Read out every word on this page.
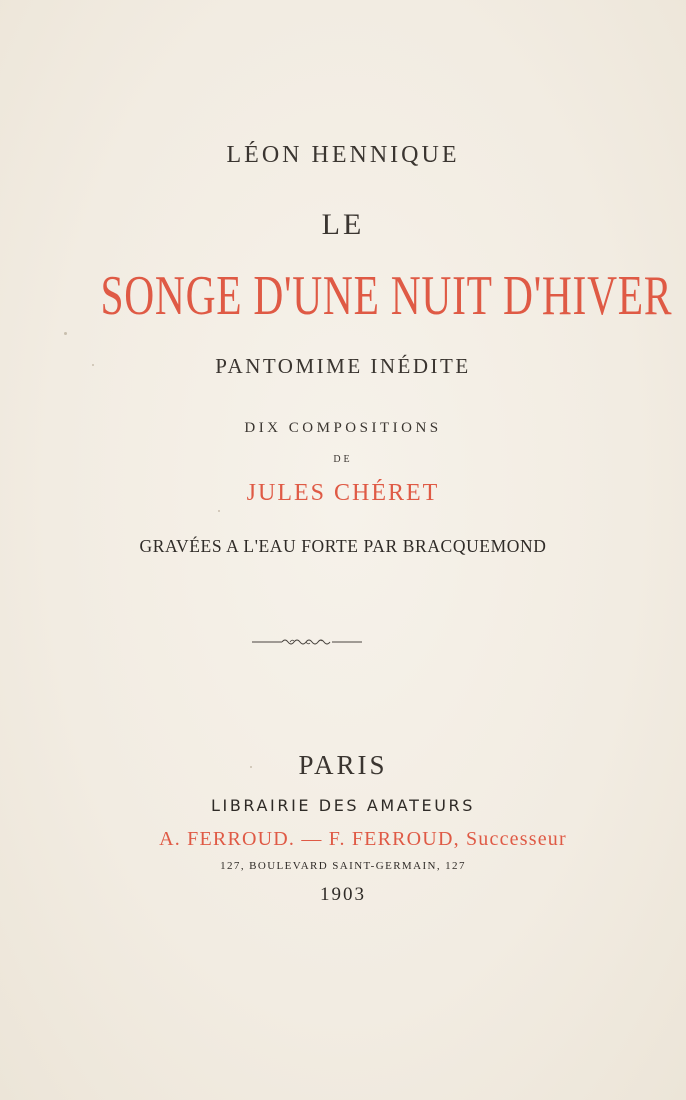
LÉON HENNIQUE
LE
SONGE D'UNE NUIT D'HIVER
PANTOMIME INÉDITE
DIX COMPOSITIONS
DE
JULES CHÉRET
GRAVÉES A L'EAU FORTE PAR BRACQUEMOND
PARIS
LIBRAIRIE DES AMATEURS
A. FERROUD. — F. FERROUD, Successeur
127, BOULEVARD SAINT-GERMAIN, 127
1903
